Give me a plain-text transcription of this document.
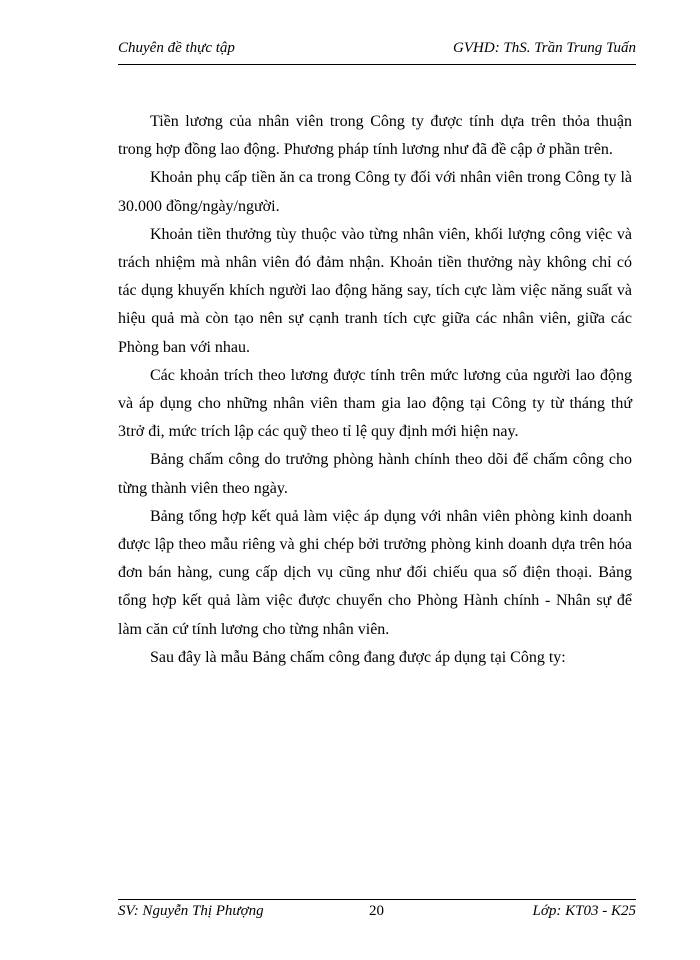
Chuyên đề thực tập	GVHD: ThS. Trần Trung Tuấn

Tiền lương của nhân viên trong Công ty được tính dựa trên thỏa thuận trong hợp đồng lao động. Phương pháp tính lương như đã đề cập ở phần trên.

Khoản phụ cấp tiền ăn ca trong Công ty đối với nhân viên trong Công ty là 30.000 đồng/ngày/người.

Khoản tiền thưởng tùy thuộc vào từng nhân viên, khối lượng công việc và trách nhiệm mà nhân viên đó đảm nhận. Khoản tiền thưởng này không chỉ có tác dụng khuyến khích người lao động hăng say, tích cực làm việc năng suất và hiệu quả mà còn tạo nên sự cạnh tranh tích cực giữa các nhân viên, giữa các Phòng ban với nhau.

Các khoản trích theo lương được tính trên mức lương của người lao động và áp dụng cho những nhân viên tham gia lao động tại Công ty từ tháng thứ 3trở đi, mức trích lập các quỹ theo tỉ lệ quy định mới hiện nay.

Bảng chấm công do trưởng phòng hành chính theo dõi để chấm công cho từng thành viên theo ngày.

Bảng tổng hợp kết quả làm việc áp dụng với nhân viên phòng kinh doanh được lập theo mẫu riêng và ghi chép bởi trưởng phòng kinh doanh dựa trên hóa đơn bán hàng, cung cấp dịch vụ cũng như đối chiếu qua số điện thoại. Bảng tổng hợp kết quả làm việc được chuyển cho Phòng Hành chính - Nhân sự để làm căn cứ tính lương cho từng nhân viên.

Sau đây là mẫu Bảng chấm công đang được áp dụng tại Công ty:

SV: Nguyễn Thị Phượng	20	Lớp: KT03 - K25
